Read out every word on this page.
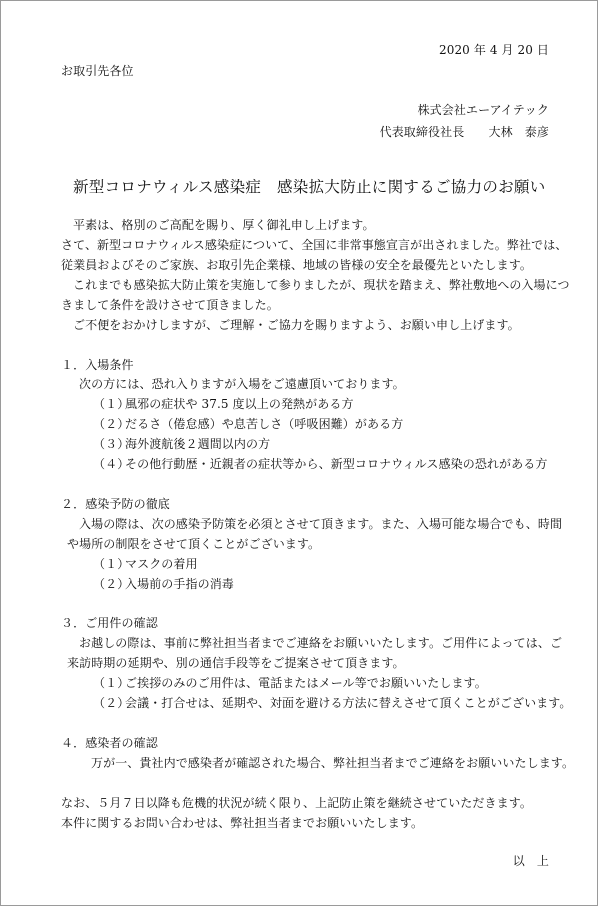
2020 年 4 月 20 日
お取引先各位
株式会社エーアイテック
代表取締役社長　　大林　泰彦
新型コロナウィルス感染症　感染拡大防止に関するご協力のお願い
平素は、格別のご高配を賜り、厚く御礼申し上げます。
さて、新型コロナウィルス感染症について、全国に非常事態宣言が出されました。弊社では、
従業員およびそのご家族、お取引先企業様、地域の皆様の安全を最優先といたします。
これまでも感染拡大防止策を実施して参りましたが、現状を踏まえ、弊社敷地への入場につ
きまして条件を設けさせて頂きました。
ご不便をおかけしますが、ご理解・ご協力を賜りますよう、お願い申し上げます。
１．入場条件
次の方には、恐れ入りますが入場をご遠慮頂いております。
（１）風邪の症状や 37.5 度以上の発熱がある方
（２）だるさ（倦怠感）や息苦しさ（呼吸困難）がある方
（３）海外渡航後２週間以内の方
（４）その他行動歴・近親者の症状等から、新型コロナウィルス感染の恐れがある方
２．感染予防の徹底
入場の際は、次の感染予防策を必須とさせて頂きます。また、入場可能な場合でも、時間
や場所の制限をさせて頂くことがございます。
（１）マスクの着用
（２）入場前の手指の消毒
３．ご用件の確認
お越しの際は、事前に弊社担当者までご連絡をお願いいたします。ご用件によっては、ご
来訪時期の延期や、別の通信手段等をご提案させて頂きます。
（１）ご挨拶のみのご用件は、電話またはメール等でお願いいたします。
（２）会議・打合せは、延期や、対面を避ける方法に替えさせて頂くことがございます。
４．感染者の確認
万が一、貴社内で感染者が確認された場合、弊社担当者までご連絡をお願いいたします。
なお、５月７日以降も危機的状況が続く限り、上記防止策を継続させていただきます。
本件に関するお問い合わせは、弊社担当者までお願いいたします。
以　上
